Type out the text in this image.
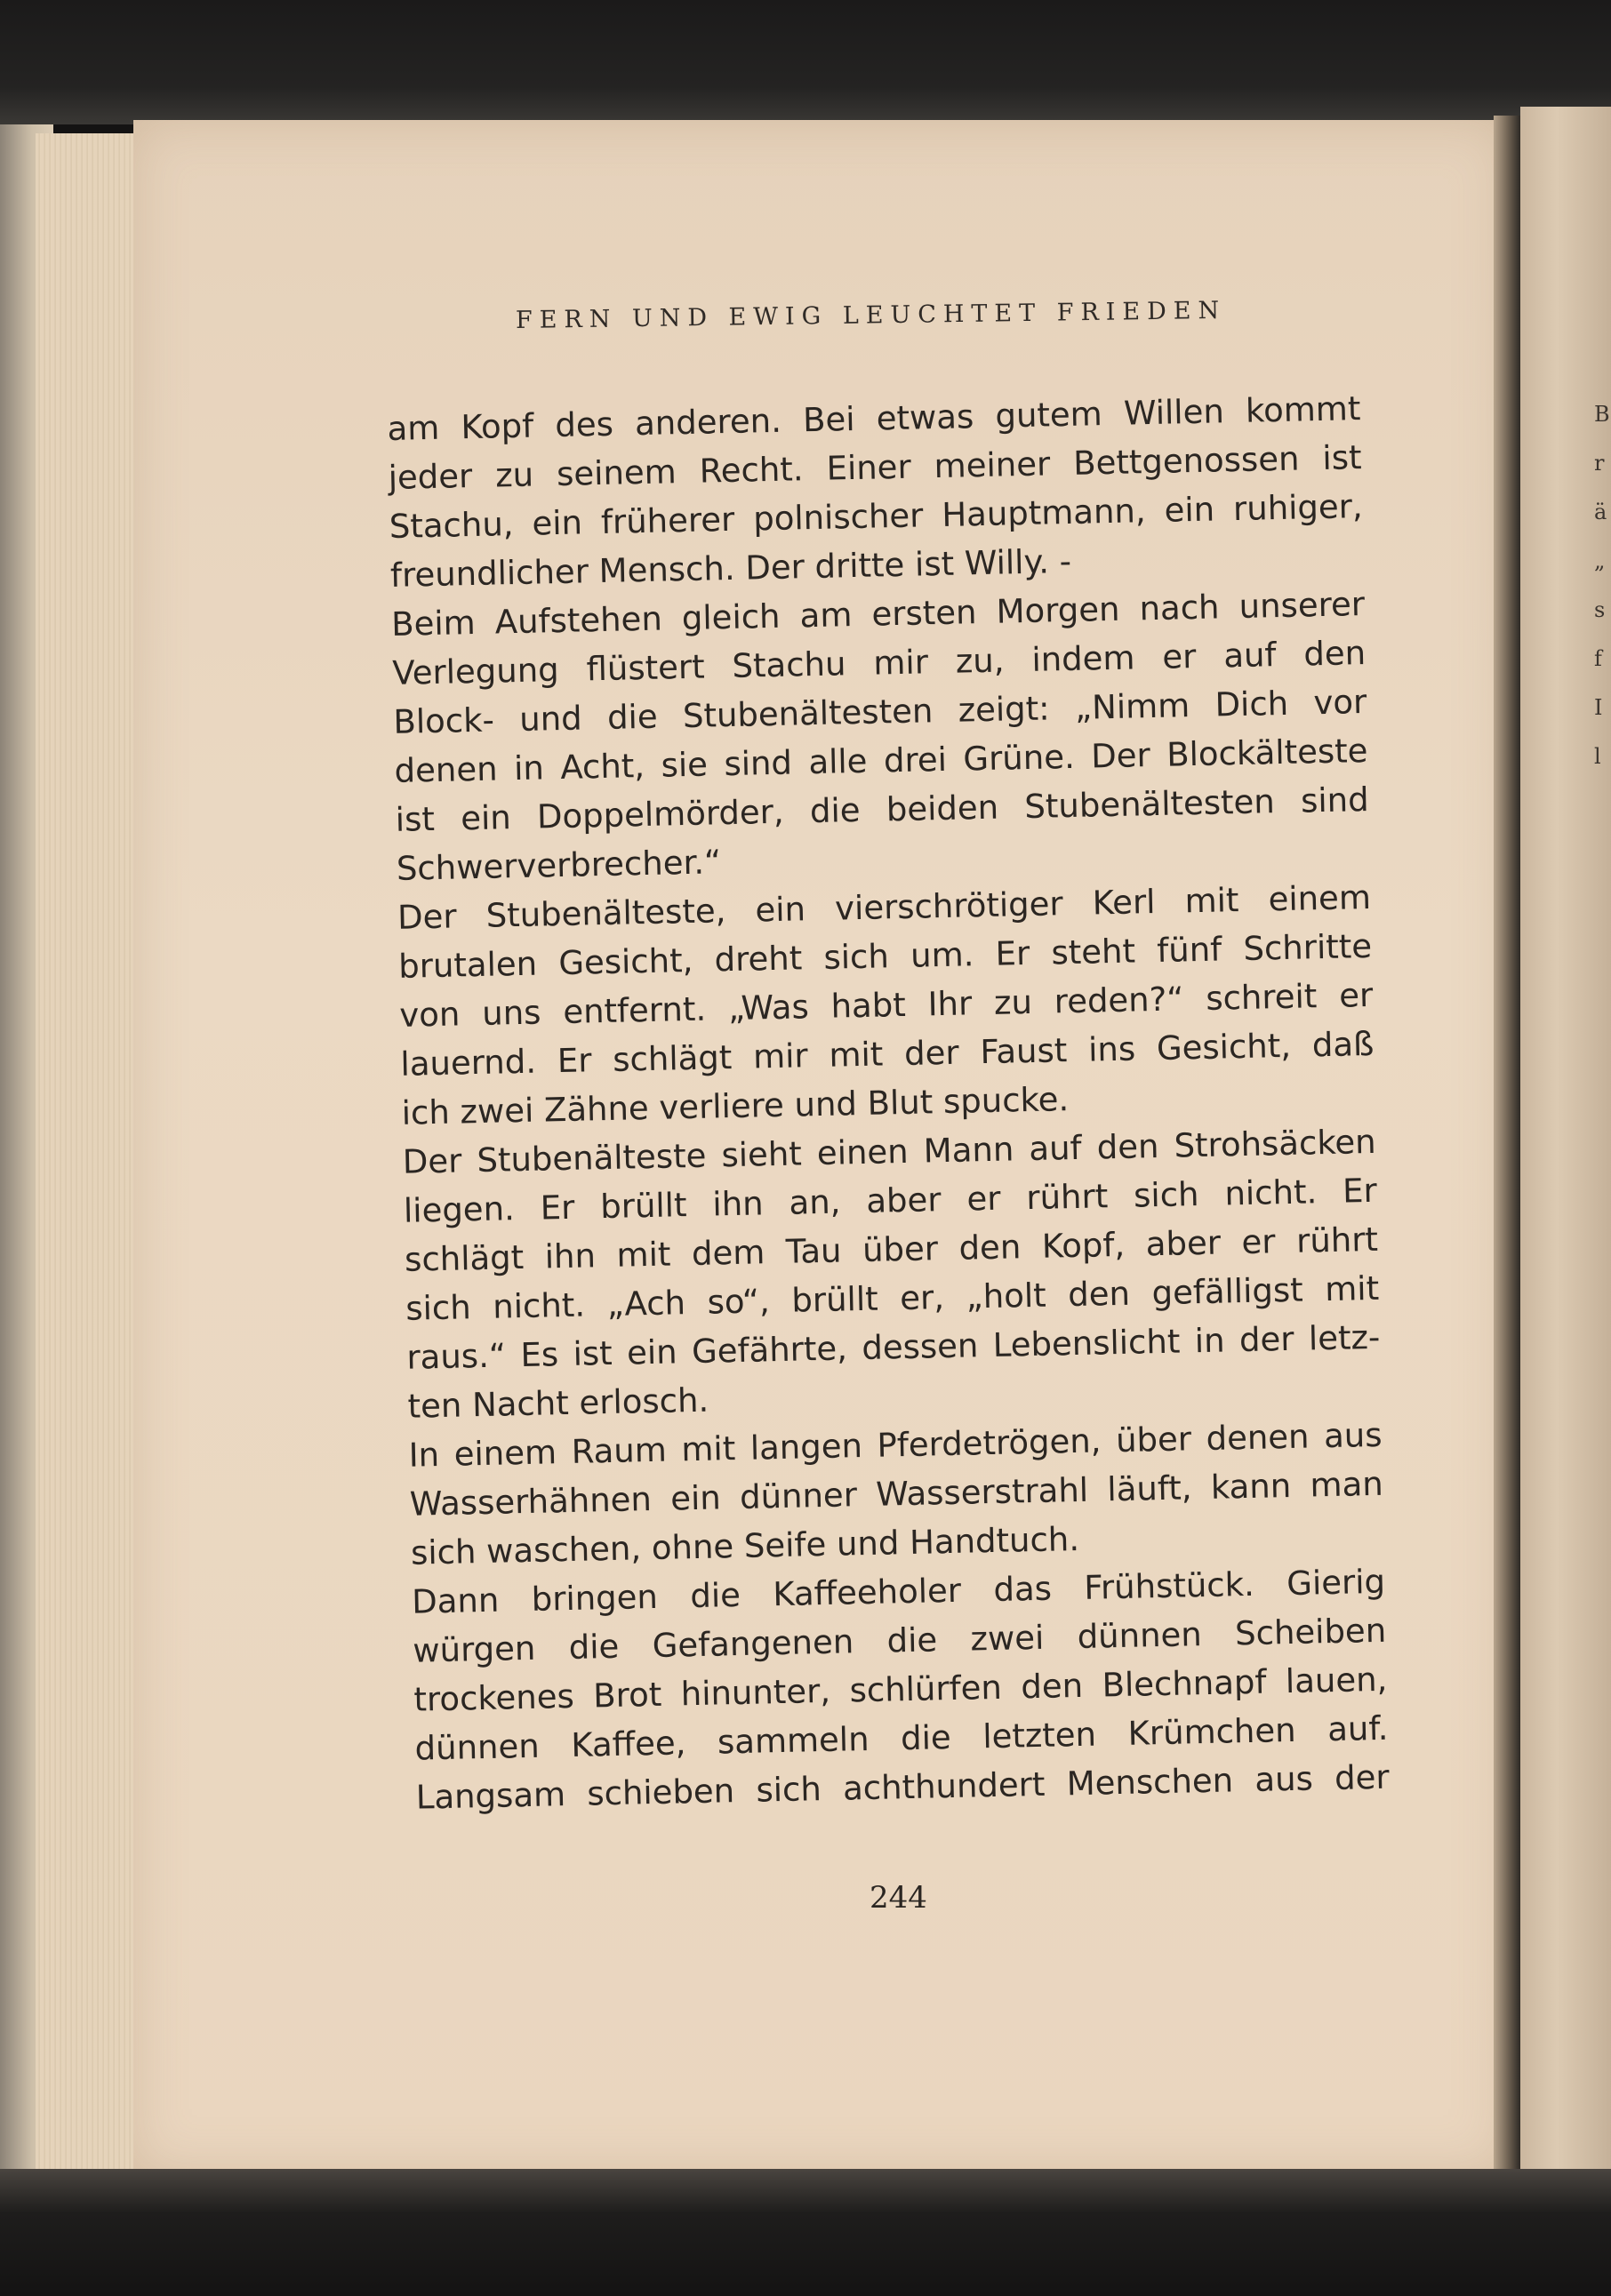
FERN UND EWIG LEUCHTET FRIEDEN
am Kopf des anderen. Bei etwas gutem Willen kommt
jeder zu seinem Recht. Einer meiner Bettgenossen ist
Stachu, ein früherer polnischer Hauptmann, ein ruhiger,
freundlicher Mensch. Der dritte ist Willy. -
Beim Aufstehen gleich am ersten Morgen nach unserer
Verlegung flüstert Stachu mir zu, indem er auf den
Block- und die Stubenältesten zeigt: „Nimm Dich vor
denen in Acht, sie sind alle drei Grüne. Der Blockälteste
ist ein Doppelmörder, die beiden Stubenältesten sind
Schwerverbrecher.“
Der Stubenälteste, ein vierschrötiger Kerl mit einem
brutalen Gesicht, dreht sich um. Er steht fünf Schritte
von uns entfernt. „Was habt Ihr zu reden?“ schreit er
lauernd. Er schlägt mir mit der Faust ins Gesicht, daß
ich zwei Zähne verliere und Blut spucke.
Der Stubenälteste sieht einen Mann auf den Strohsäcken
liegen. Er brüllt ihn an, aber er rührt sich nicht. Er
schlägt ihn mit dem Tau über den Kopf, aber er rührt
sich nicht. „Ach so“, brüllt er, „holt den gefälligst mit
raus.“ Es ist ein Gefährte, dessen Lebenslicht in der letz-
ten Nacht erlosch.
In einem Raum mit langen Pferdetrögen, über denen aus
Wasserhähnen ein dünner Wasserstrahl läuft, kann man
sich waschen, ohne Seife und Handtuch.
Dann bringen die Kaffeeholer das Frühstück. Gierig
würgen die Gefangenen die zwei dünnen Scheiben
trockenes Brot hinunter, schlürfen den Blechnapf lauen,
dünnen Kaffee, sammeln die letzten Krümchen auf.
Langsam schieben sich achthundert Menschen aus der
244
B
r
ä
„
s
f
I
l
